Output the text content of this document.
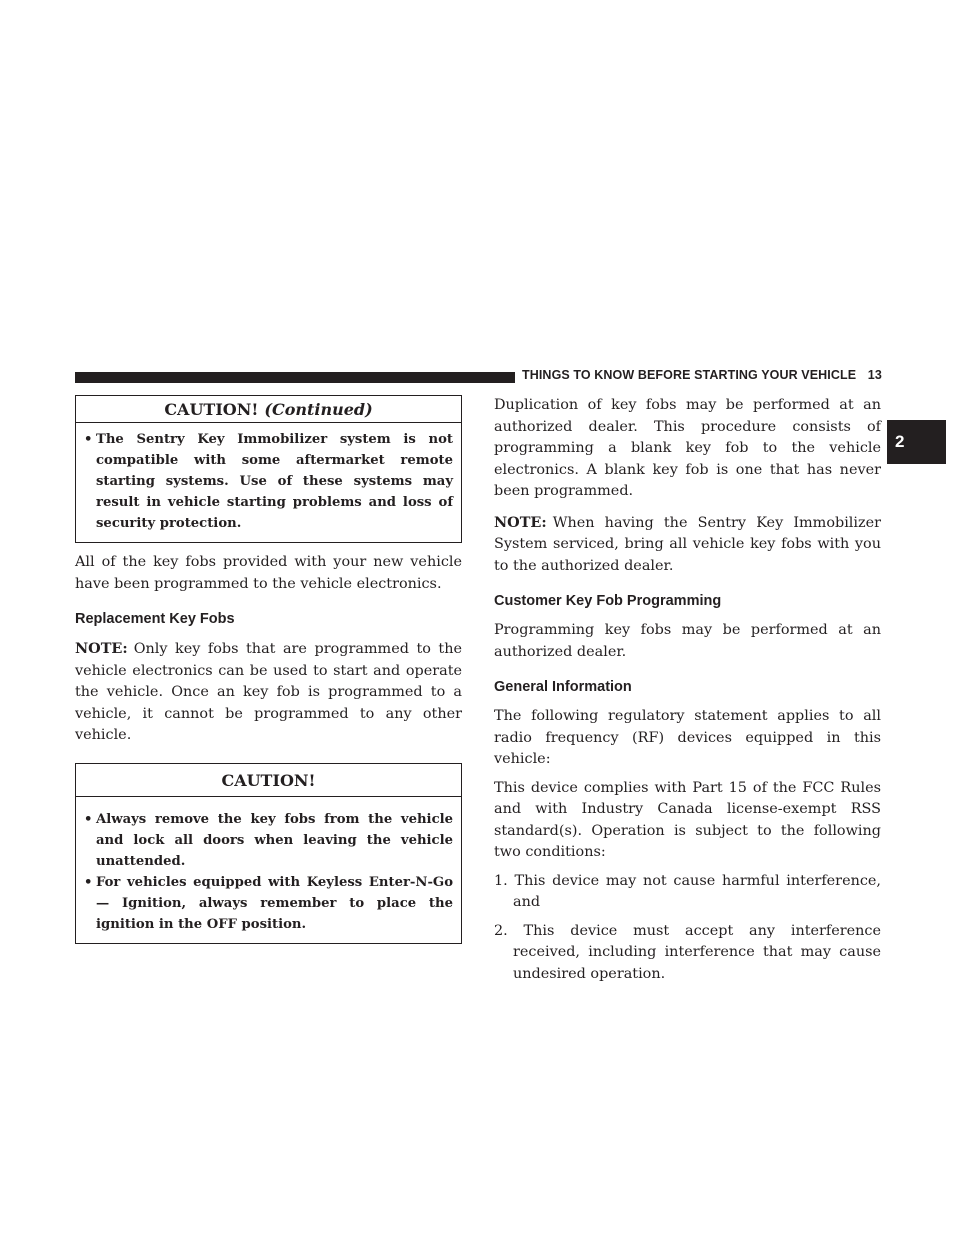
THINGS TO KNOW BEFORE STARTING YOUR VEHICLE 13
2
CAUTION! (Continued)
• The Sentry Key Immobilizer system is not compatible with some aftermarket remote starting systems. Use of these systems may result in vehicle starting problems and loss of security protection.

All of the key fobs provided with your new vehicle have been programmed to the vehicle electronics.

Replacement Key Fobs

NOTE: Only key fobs that are programmed to the vehicle electronics can be used to start and operate the vehicle. Once an key fob is programmed to a vehicle, it cannot be programmed to any other vehicle.

CAUTION!
• Always remove the key fobs from the vehicle and lock all doors when leaving the vehicle unattended.
• For vehicles equipped with Keyless Enter-N-Go — Ignition, always remember to place the ignition in the OFF position.

Duplication of key fobs may be performed at an authorized dealer. This procedure consists of programming a blank key fob to the vehicle electronics. A blank key fob is one that has never been programmed.

NOTE: When having the Sentry Key Immobilizer System serviced, bring all vehicle key fobs with you to the authorized dealer.

Customer Key Fob Programming

Programming key fobs may be performed at an authorized dealer.

General Information

The following regulatory statement applies to all radio frequency (RF) devices equipped in this vehicle:

This device complies with Part 15 of the FCC Rules and with Industry Canada license-exempt RSS standard(s). Operation is subject to the following two conditions:

1. This device may not cause harmful interference, and
2. This device must accept any interference received, including interference that may cause undesired operation.
